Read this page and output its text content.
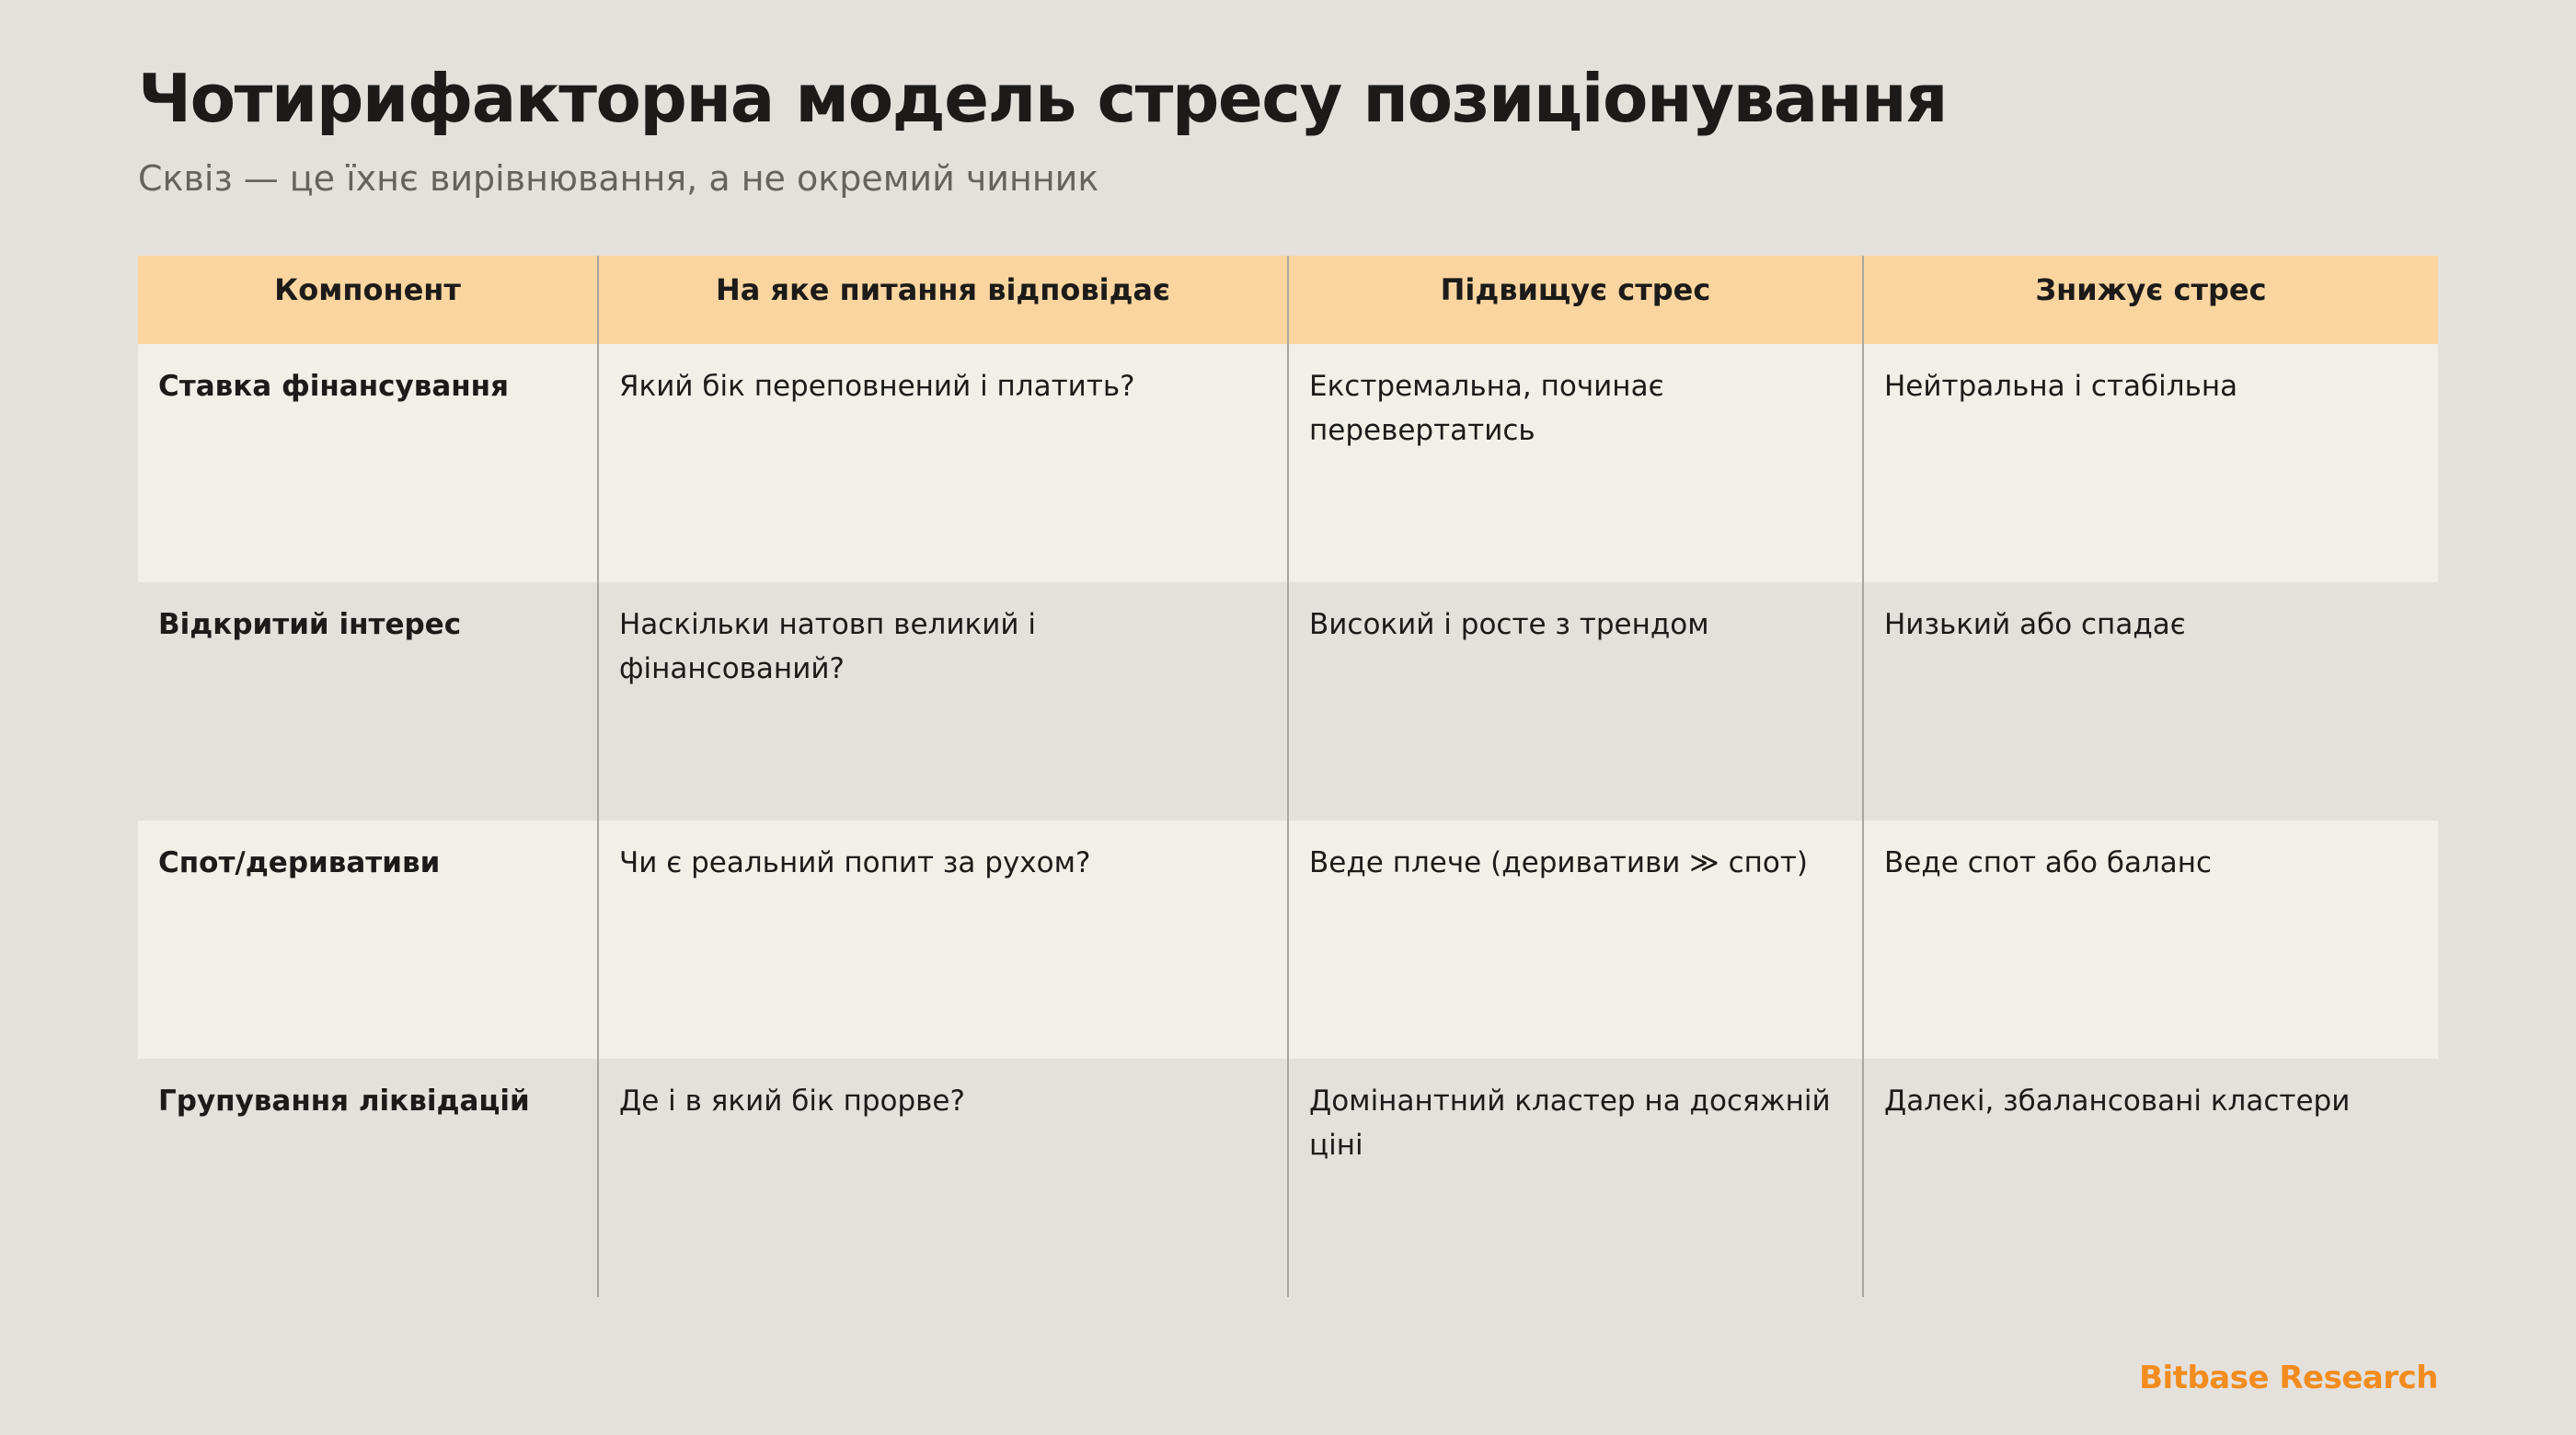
Чотирифакторна модель стресу позиціонування

Сквіз — це їхнє вирівнювання, а не окремий чинник

Компонент	На яке питання відповідає	Підвищує стрес	Знижує стрес
Ставка фінансування	Який бік переповнений і платить?	Екстремальна, починає перевертатись	Нейтральна і стабільна
Відкритий інтерес	Наскільки натовп великий і фінансований?	Високий і росте з трендом	Низький або спадає
Спот/деривативи	Чи є реальний попит за рухом?	Веде плече (деривативи ≫ спот)	Веде спот або баланс
Групування ліквідацій	Де і в який бік прорве?	Домінантний кластер на досяжній ціні	Далекі, збалансовані кластери
Bitbase Research
